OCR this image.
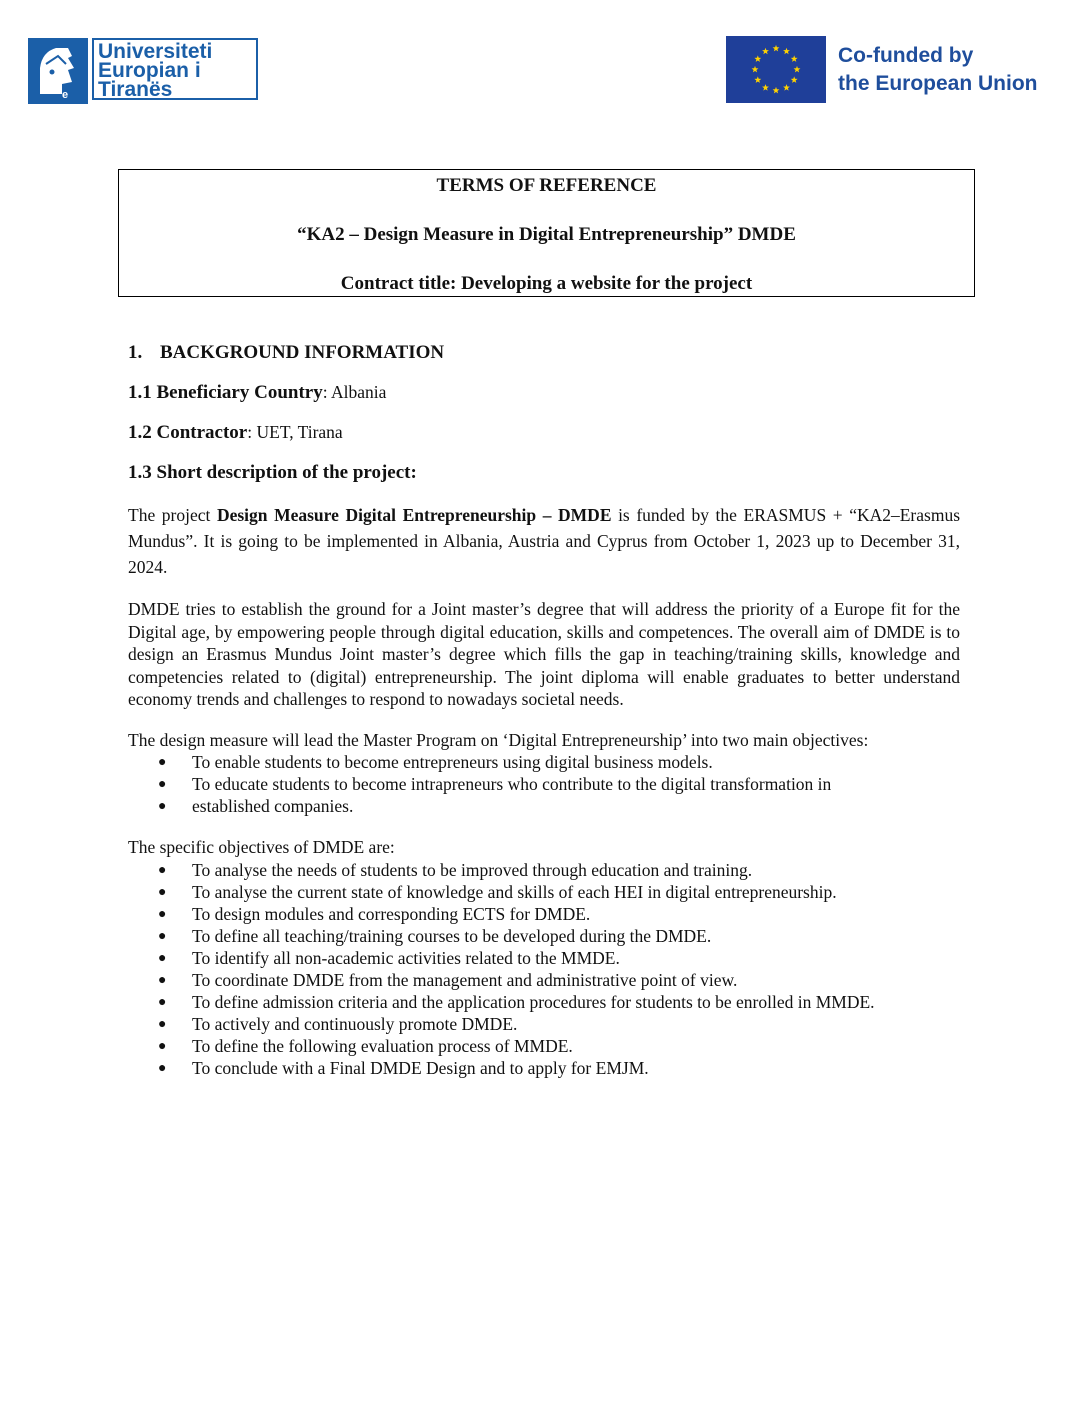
e
Universiteti
Europian i
Tiranës
Co-funded by
the European Union
TERMS OF REFERENCE
“KA2 – Design Measure in Digital Entrepreneurship” DMDE
Contract title: Developing a website for the project
1. BACKGROUND INFORMATION
1.1 Beneficiary Country: Albania
1.2 Contractor: UET, Tirana
1.3 Short description of the project:

The project Design Measure Digital Entrepreneurship – DMDE is funded by the ERASMUS + “KA2–Erasmus Mundus”. It is going to be implemented in Albania, Austria and Cyprus from October 1, 2023 up to December 31, 2024.

DMDE tries to establish the ground for a Joint master’s degree that will address the priority of a Europe fit for the Digital age, by empowering people through digital education, skills and competences. The overall aim of DMDE is to design an Erasmus Mundus Joint master’s degree which fills the gap in teaching/training skills, knowledge and competencies related to (digital) entrepreneurship. The joint diploma will enable graduates to better understand economy trends and challenges to respond to nowadays societal needs.

The design measure will lead the Master Program on ‘Digital Entrepreneurship’ into two main objectives:

● To enable students to become entrepreneurs using digital business models.
● To educate students to become intrapreneurs who contribute to the digital transformation in
● established companies.

The specific objectives of DMDE are:

● To analyse the needs of students to be improved through education and training.
● To analyse the current state of knowledge and skills of each HEI in digital entrepreneurship.
● To design modules and corresponding ECTS for DMDE.
● To define all teaching/training courses to be developed during the DMDE.
● To identify all non-academic activities related to the MMDE.
● To coordinate DMDE from the management and administrative point of view.
● To define admission criteria and the application procedures for students to be enrolled in MMDE.
● To actively and continuously promote DMDE.
● To define the following evaluation process of MMDE.
● To conclude with a Final DMDE Design and to apply for EMJM.
